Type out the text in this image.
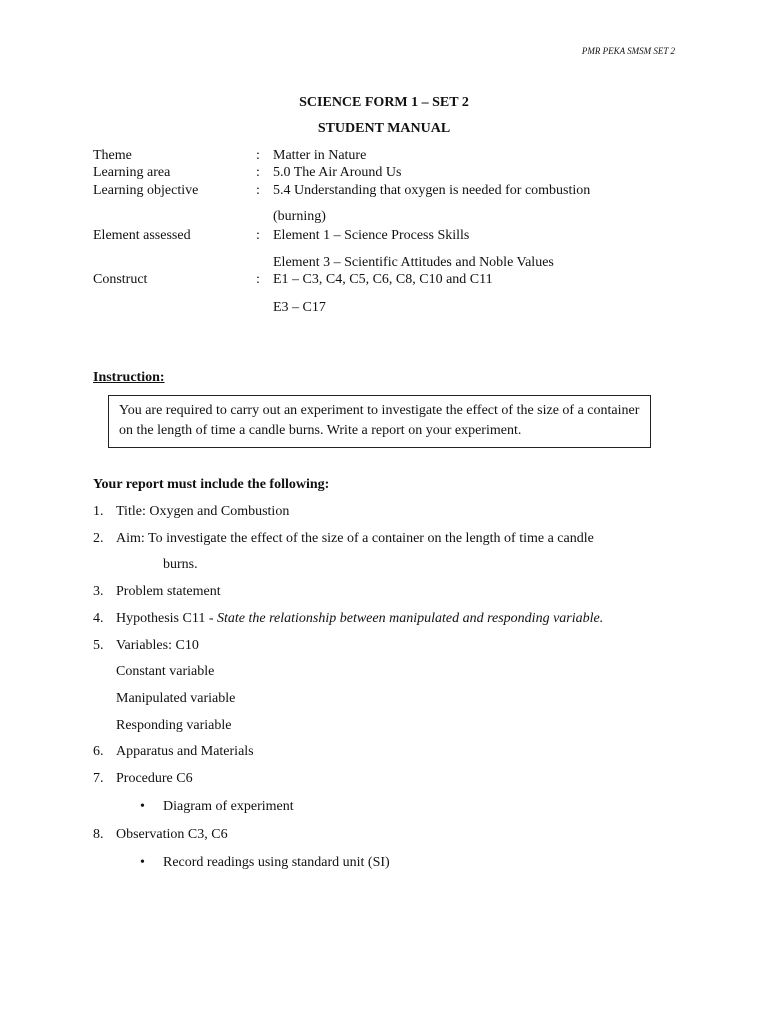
PMR PEKA SMSM SET 2
SCIENCE FORM 1 – SET 2
STUDENT MANUAL
Theme	: Matter in Nature
Learning area	: 5.0 The Air Around Us
Learning objective	: 5.4 Understanding that oxygen is needed for combustion
(burning)
Element assessed	: Element 1 – Science Process Skills
Element 3 – Scientific Attitudes and Noble Values
Construct	: E1 – C3, C4, C5, C6, C8, C10 and C11
E3 – C17
Instruction:
You are required to carry out an experiment to investigate the effect of the size of a container on the length of time a candle burns. Write a report on your experiment.
Your report must include the following:
1. Title: Oxygen and Combustion
2. Aim: To investigate the effect of the size of a container on the length of time a candle
burns.
3. Problem statement
4. Hypothesis C11 - State the relationship between manipulated and responding variable.
5. Variables: C10
Constant variable
Manipulated variable
Responding variable
6. Apparatus and Materials
7. Procedure C6
• Diagram of experiment
8. Observation C3, C6
• Record readings using standard unit (SI)
